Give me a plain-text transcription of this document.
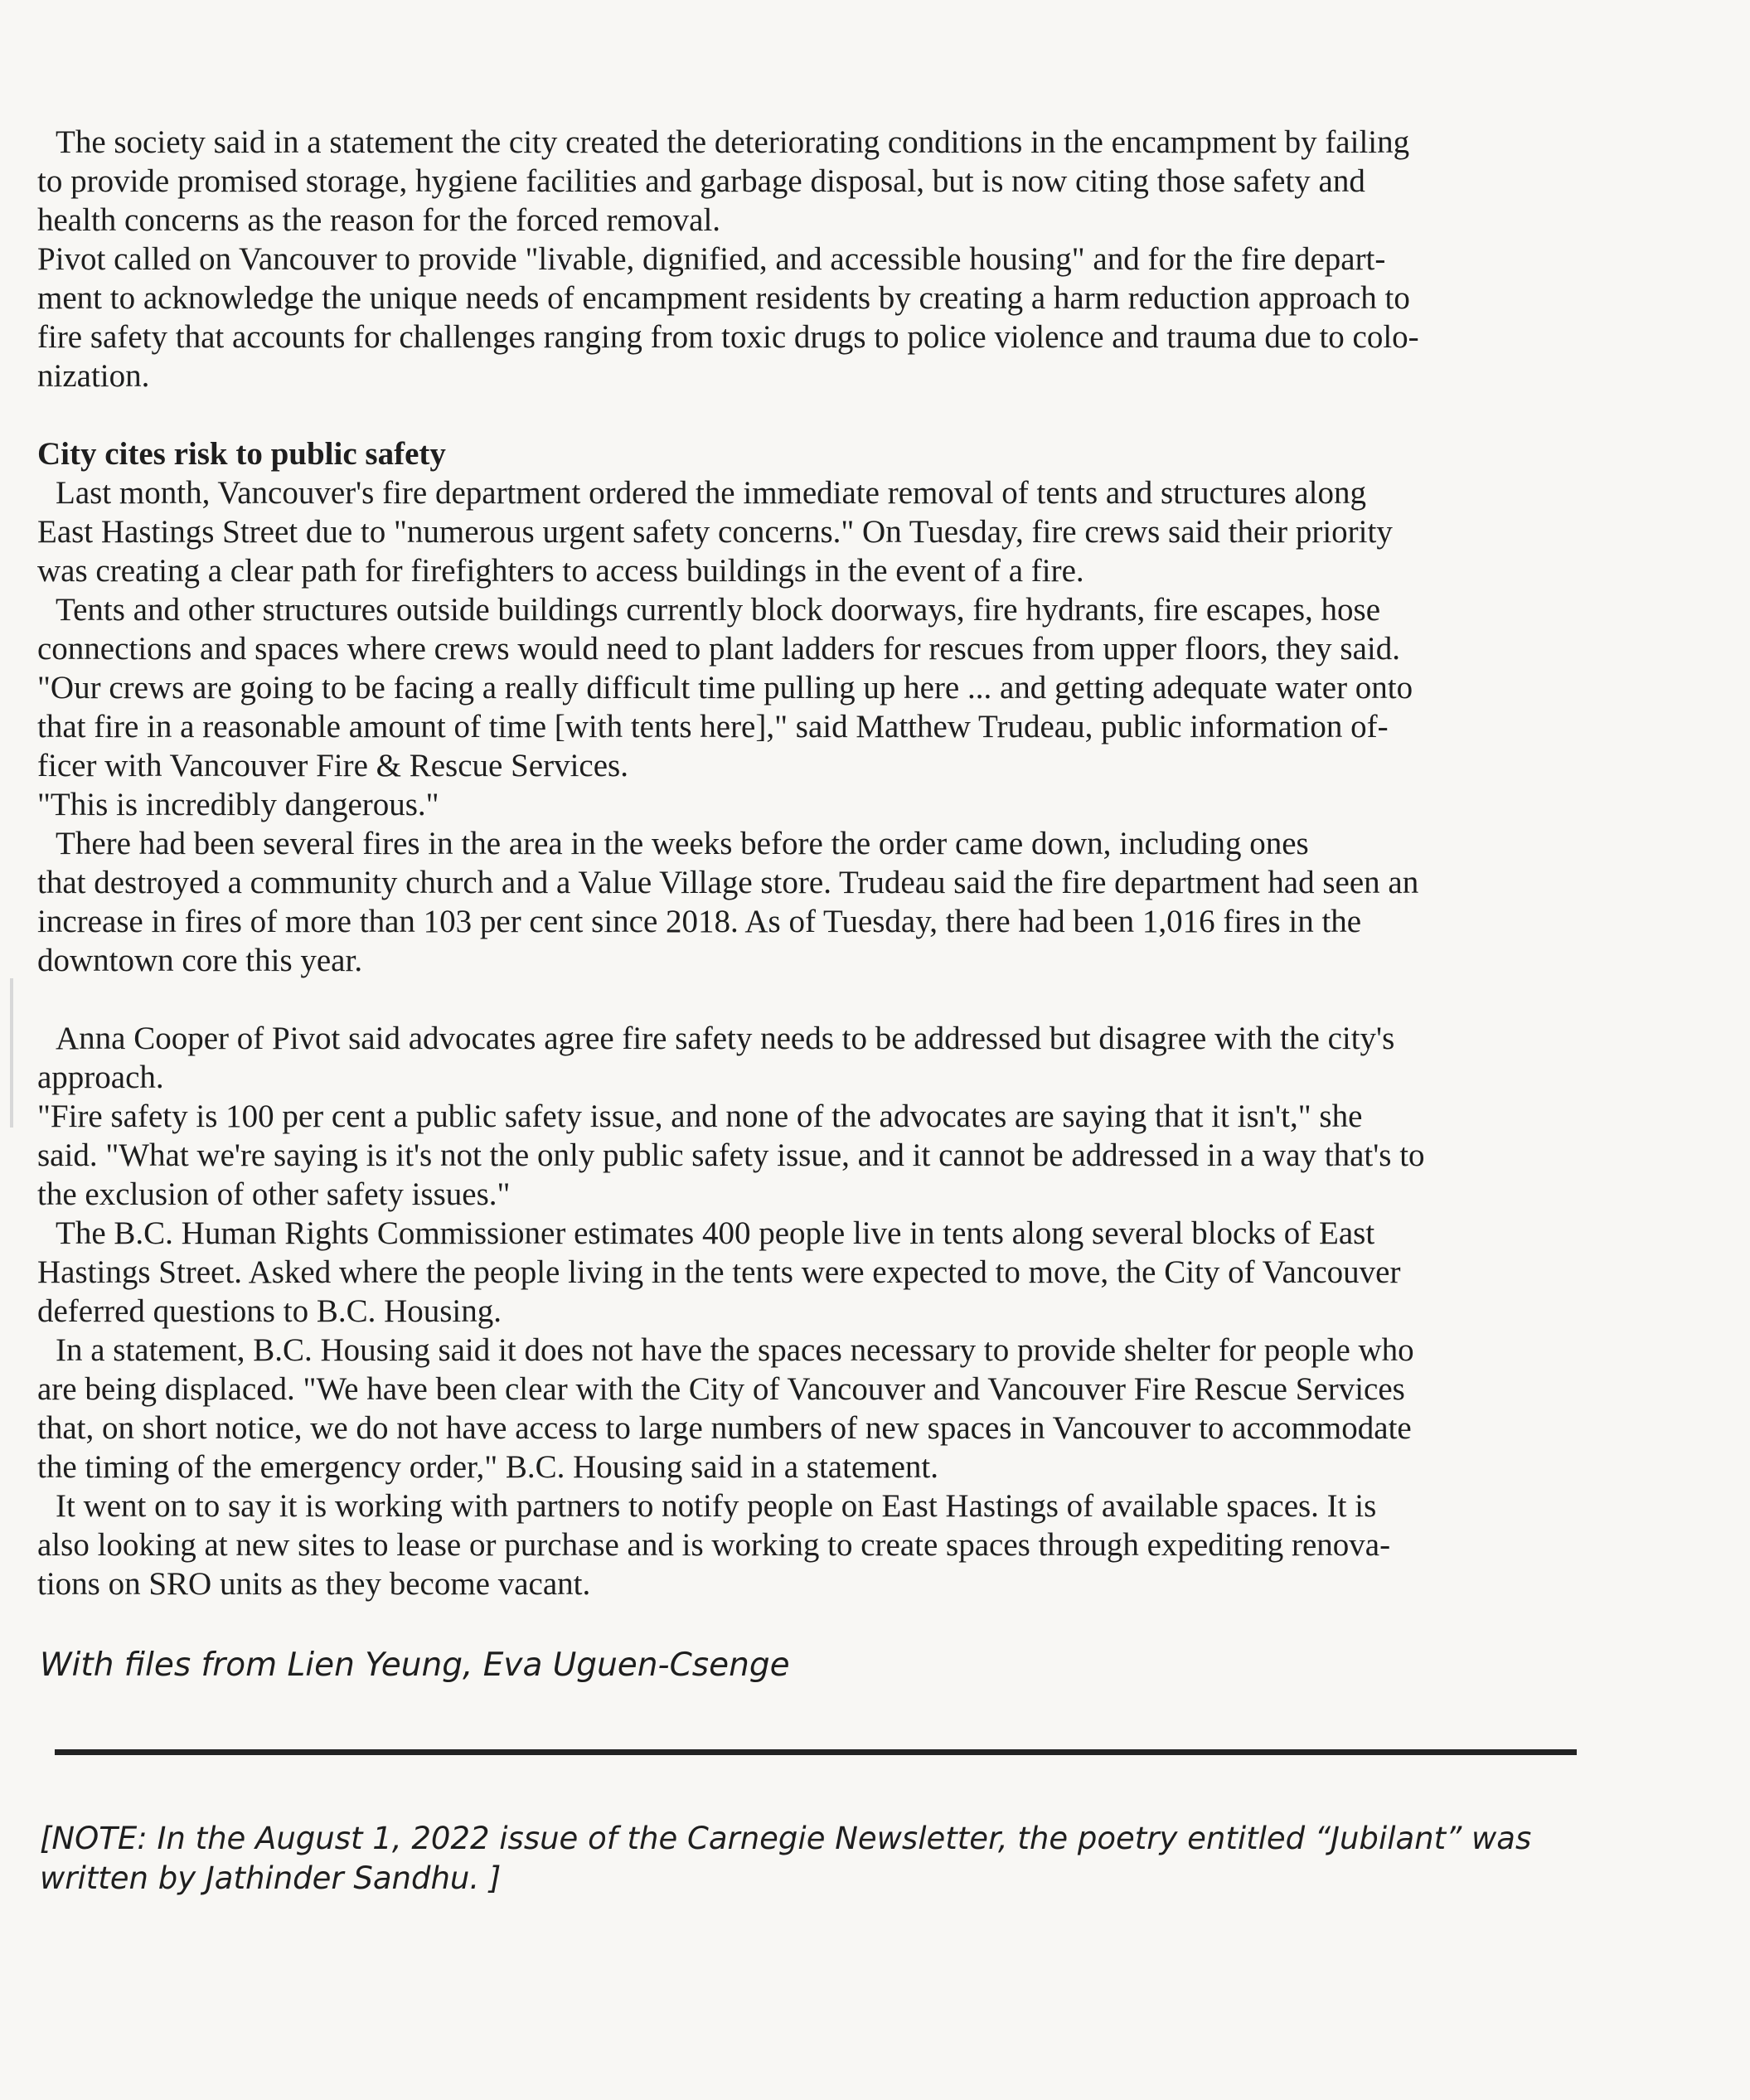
The society said in a statement the city created the deteriorating conditions in the encampment by failing
to provide promised storage, hygiene facilities and garbage disposal, but is now citing those safety and
health concerns as the reason for the forced removal.
Pivot called on Vancouver to provide "livable, dignified, and accessible housing" and for the fire depart-
ment to acknowledge the unique needs of encampment residents by creating a harm reduction approach to
fire safety that accounts for challenges ranging from toxic drugs to police violence and trauma due to colo-
nization.
City cites risk to public safety
Last month, Vancouver's fire department ordered the immediate removal of tents and structures along
East Hastings Street due to "numerous urgent safety concerns." On Tuesday, fire crews said their priority
was creating a clear path for firefighters to access buildings in the event of a fire.
Tents and other structures outside buildings currently block doorways, fire hydrants, fire escapes, hose
connections and spaces where crews would need to plant ladders for rescues from upper floors, they said.
"Our crews are going to be facing a really difficult time pulling up here ... and getting adequate water onto
that fire in a reasonable amount of time [with tents here]," said Matthew Trudeau, public information of-
ficer with Vancouver Fire & Rescue Services.
"This is incredibly dangerous."
There had been several fires in the area in the weeks before the order came down, including ones
that destroyed a community church and a Value Village store. Trudeau said the fire department had seen an
increase in fires of more than 103 per cent since 2018. As of Tuesday, there had been 1,016 fires in the
downtown core this year.
Anna Cooper of Pivot said advocates agree fire safety needs to be addressed but disagree with the city's
approach.
"Fire safety is 100 per cent a public safety issue, and none of the advocates are saying that it isn't," she
said. "What we're saying is it's not the only public safety issue, and it cannot be addressed in a way that's to
the exclusion of other safety issues."
The B.C. Human Rights Commissioner estimates 400 people live in tents along several blocks of East
Hastings Street. Asked where the people living in the tents were expected to move, the City of Vancouver
deferred questions to B.C. Housing.
In a statement, B.C. Housing said it does not have the spaces necessary to provide shelter for people who
are being displaced. "We have been clear with the City of Vancouver and Vancouver Fire Rescue Services
that, on short notice, we do not have access to large numbers of new spaces in Vancouver to accommodate
the timing of the emergency order," B.C. Housing said in a statement.
It went on to say it is working with partners to notify people on East Hastings of available spaces. It is
also looking at new sites to lease or purchase and is working to create spaces through expediting renova-
tions on SRO units as they become vacant.
With files from Lien Yeung, Eva Uguen-Csenge
[NOTE: In the August 1, 2022 issue of the Carnegie Newsletter, the poetry entitled “Jubilant” was
written by Jathinder Sandhu. ]
